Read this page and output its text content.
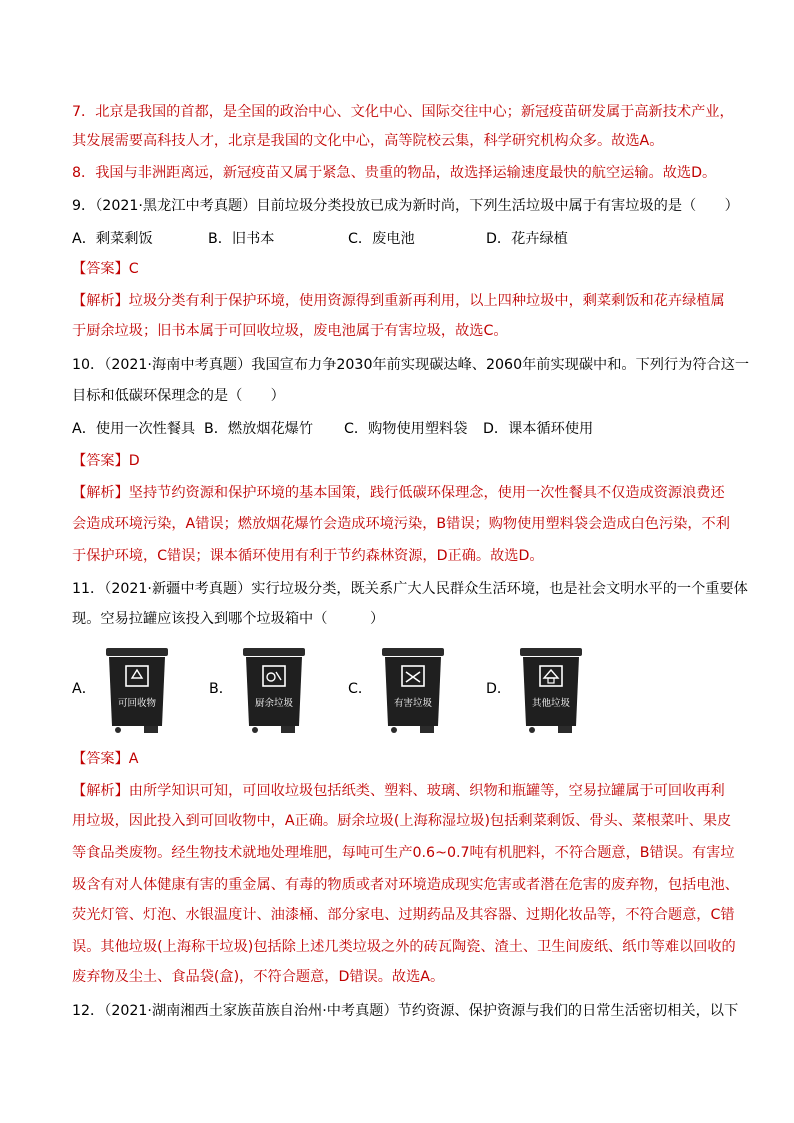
7．北京是我国的首都，是全国的政治中心、文化中心、国际交往中心；新冠疫苗研发属于高新技术产业，
其发展需要高科技人才，北京是我国的文化中心，高等院校云集，科学研究机构众多。故选A。
8．我国与非洲距离远，新冠疫苗又属于紧急、贵重的物品，故选择运输速度最快的航空运输。故选D。
9．（2021·黑龙江中考真题）目前垃圾分类投放已成为新时尚，下列生活垃圾中属于有害垃圾的是（　　）
A．剩菜剩饭	B．旧书本	C．废电池	D．花卉绿植
【答案】C
【解析】垃圾分类有利于保护环境，使用资源得到重新再利用，以上四种垃圾中，剩菜剩饭和花卉绿植属
于厨余垃圾；旧书本属于可回收垃圾，废电池属于有害垃圾，故选C。
10．（2021·海南中考真题）我国宣布力争2030年前实现碳达峰、2060年前实现碳中和。下列行为符合这一
目标和低碳环保理念的是（　　）
A．使用一次性餐具 B．燃放烟花爆竹 C．购物使用塑料袋 D．课本循环使用
【答案】D
【解析】坚持节约资源和保护环境的基本国策，践行低碳环保理念，使用一次性餐具不仅造成资源浪费还
会造成环境污染，A错误；燃放烟花爆竹会造成环境污染，B错误；购物使用塑料袋会造成白色污染，不利
于保护环境，C错误；课本循环使用有利于节约森林资源，D正确。故选D。
11．（2021·新疆中考真题）实行垃圾分类，既关系广大人民群众生活环境，也是社会文明水平的一个重要体
现。空易拉罐应该投入到哪个垃圾箱中（　　　）
A．
可回收物
B．
厨余垃圾
C．
有害垃圾
D．
其他垃圾
【答案】A
【解析】由所学知识可知，可回收垃圾包括纸类、塑料、玻璃、织物和瓶罐等，空易拉罐属于可回收再利
用垃圾，因此投入到可回收物中，A正确。厨余垃圾(上海称湿垃圾)包括剩菜剩饭、骨头、菜根菜叶、果皮
等食品类废物。经生物技术就地处理堆肥，每吨可生产0.6~0.7吨有机肥料，不符合题意，B错误。有害垃
圾含有对人体健康有害的重金属、有毒的物质或者对环境造成现实危害或者潜在危害的废弃物，包括电池、
荧光灯管、灯泡、水银温度计、油漆桶、部分家电、过期药品及其容器、过期化妆品等，不符合题意，C错
误。其他垃圾(上海称干垃圾)包括除上述几类垃圾之外的砖瓦陶瓷、渣土、卫生间废纸、纸巾等难以回收的
废弃物及尘土、食品袋(盒)，不符合题意，D错误。故选A。
12．（2021·湖南湘西土家族苗族自治州·中考真题）节约资源、保护资源与我们的日常生活密切相关，以下
